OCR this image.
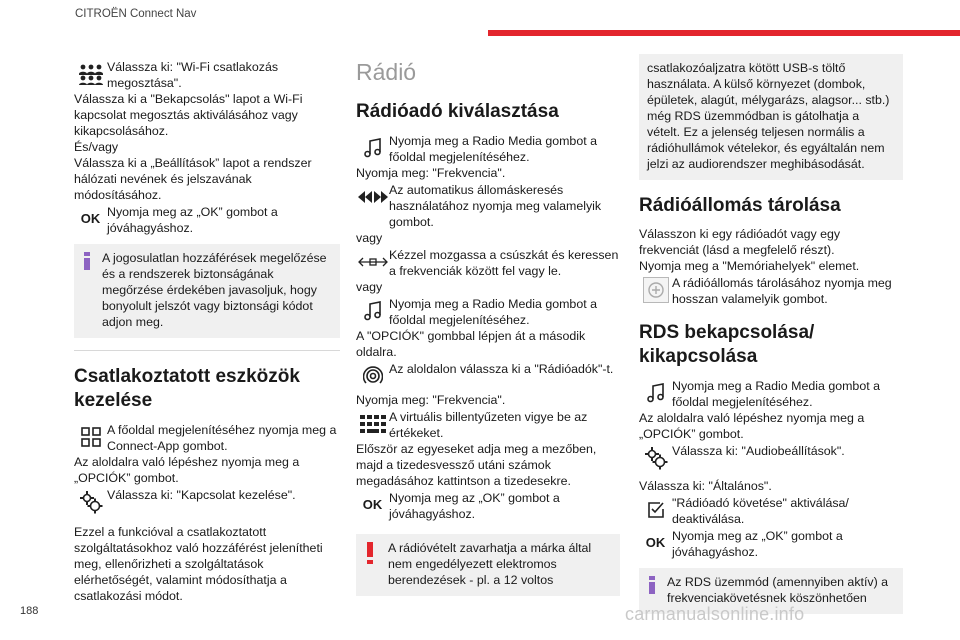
CITROËN Connect Nav
Válassza ki: "Wi-Fi csatlakozás megosztása".

Válassza ki a "Bekapcsolás" lapot a Wi-Fi kapcsolat megosztás aktiválásához vagy kikapcsolásához.

És/vagy

Válassza ki a „Beállítások” lapot a rendszer hálózati nevének és jelszavának módosításához.

OK Nyomja meg az „OK” gombot a jóváhagyáshoz.

A jogosulatlan hozzáférések megelőzése és a rendszerek biztonságának megőrzése érdekében javasoljuk, hogy bonyolult jelszót vagy biztonsági kódot adjon meg.

Csatlakoztatott eszközök kezelése
A főoldal megjelenítéséhez nyomja meg a Connect-App gombot.

Az aloldalra való lépéshez nyomja meg a „OPCIÓK” gombot.

Válassza ki: "Kapcsolat kezelése".

Ezzel a funkcióval a csatlakoztatott szolgáltatásokhoz való hozzáférést jelenítheti meg, ellenőrizheti a szolgáltatások elérhetőségét, valamint módosíthatja a csatlakozási módot.

Rádió
Rádióadó kiválasztása
Nyomja meg a Radio Media gombot a főoldal megjelenítéséhez.

Nyomja meg: "Frekvencia".

Az automatikus állomáskeresés használatához nyomja meg valamelyik gombot.

vagy

Kézzel mozgassa a csúszkát és keressen a frekvenciák között fel vagy le.

vagy

Nyomja meg a Radio Media gombot a főoldal megjelenítéséhez.

A "OPCIÓK" gombbal lépjen át a második oldalra.

Az aloldalon válassza ki a "Rádióadók"-t.

Nyomja meg: "Frekvencia".

A virtuális billentyűzeten vigye be az értékeket.

Először az egyeseket adja meg a mezőben, majd a tizedesvessző utáni számok megadásához kattintson a tizedesekre.

OK Nyomja meg az „OK” gombot a jóváhagyáshoz.

A rádióvételt zavarhatja a márka által nem engedélyezett elektromos berendezések - pl. a 12 voltos

csatlakozóaljzatra kötött USB-s töltő használata. A külső környezet (dombok, épületek, alagút, mélygarázs, alagsor... stb.) még RDS üzemmódban is gátolhatja a vételt. Ez a jelenség teljesen normális a rádióhullámok vételekor, és egyáltalán nem jelzi az audiorendszer meghibásodását.

Rádióállomás tárolása

Válasszon ki egy rádióadót vagy egy frekvenciát (lásd a megfelelő részt).

Nyomja meg a "Memóriahelyek" elemet.

A rádióállomás tárolásához nyomja meg hosszan valamelyik gombot.
RDS bekapcsolása/ kikapcsolása
Nyomja meg a Radio Media gombot a főoldal megjelenítéséhez.

Az aloldalra való lépéshez nyomja meg a „OPCIÓK” gombot.

Válassza ki: "Audiobeállítások".

Válassza ki: "Általános".

"Rádióadó követése" aktiválása/ deaktiválása.
OK Nyomja meg az „OK” gombot a jóváhagyáshoz.

Az RDS üzemmód (amennyiben aktív) a frekvenciakövetésnek köszönhetően

188	carmanualsonline.info
